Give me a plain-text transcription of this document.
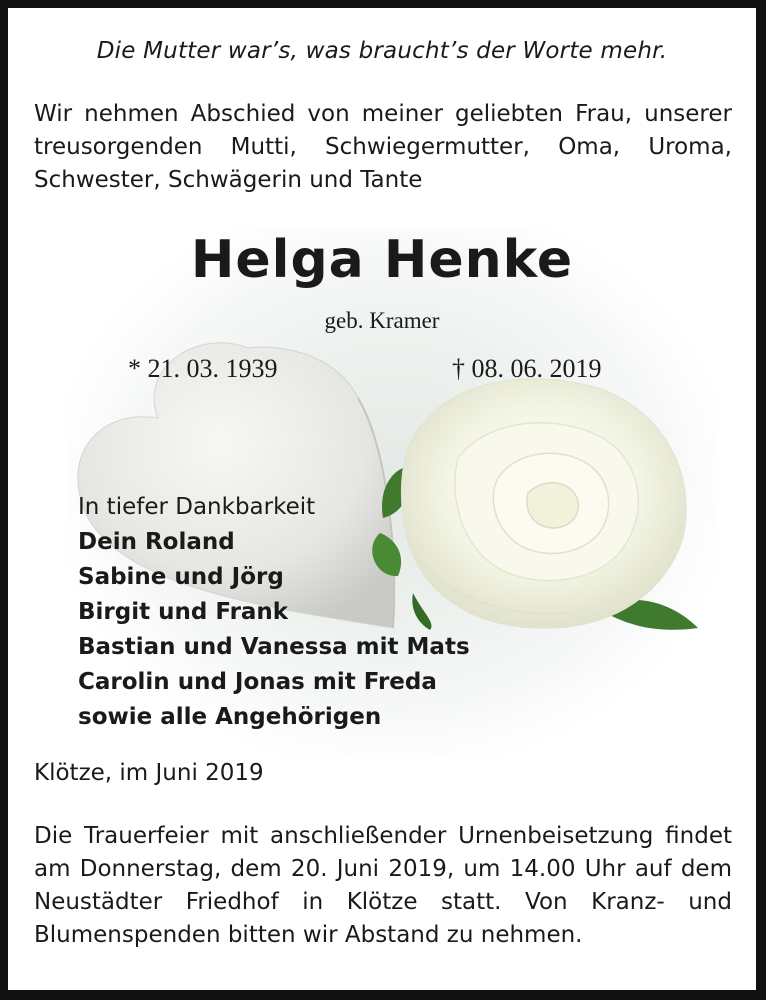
Die Mutter war’s, was braucht’s der Worte mehr.
Wir nehmen Abschied von meiner geliebten Frau, unserer treusorgenden Mutti, Schwiegermutter, Oma, Uroma, Schwester, Schwägerin und Tante
Helga Henke
geb. Kramer
* 21. 03. 1939	† 08. 06. 2019
In tiefer Dankbarkeit
Dein Roland
Sabine und Jörg
Birgit und Frank
Bastian und Vanessa mit Mats
Carolin und Jonas mit Freda
sowie alle Angehörigen
Klötze, im Juni 2019
Die Trauerfeier mit anschließender Urnenbeisetzung findet am Donnerstag, dem 20. Juni 2019, um 14.00 Uhr auf dem Neustädter Friedhof in Klötze statt. Von Kranz- und Blumenspenden bitten wir Abstand zu nehmen.
